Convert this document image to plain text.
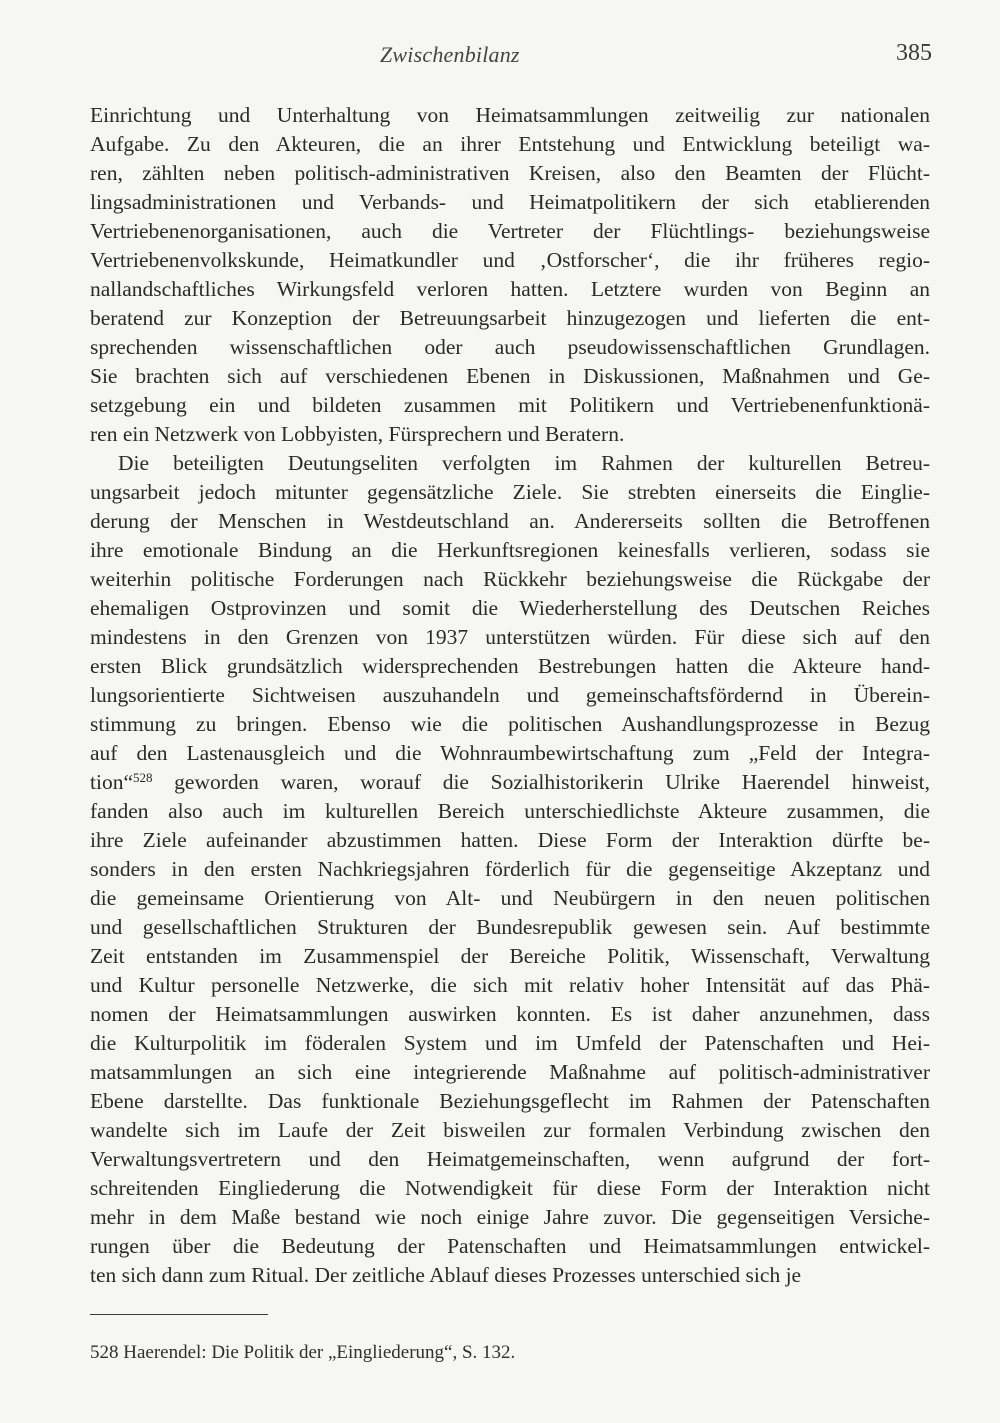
Zwischenbilanz	385
Einrichtung und Unterhaltung von Heimatsammlungen zeitweilig zur nationalen
Aufgabe. Zu den Akteuren, die an ihrer Entstehung und Entwicklung beteiligt wa-
ren, zählten neben politisch-administrativen Kreisen, also den Beamten der Flücht-
lingsadministrationen und Verbands- und Heimatpolitikern der sich etablierenden
Vertriebenenorganisationen, auch die Vertreter der Flüchtlings- beziehungsweise
Vertriebenenvolkskunde, Heimatkundler und ‚Ostforscher‘, die ihr früheres regio-
nallandschaftliches Wirkungsfeld verloren hatten. Letztere wurden von Beginn an
beratend zur Konzeption der Betreuungsarbeit hinzugezogen und lieferten die ent-
sprechenden wissenschaftlichen oder auch pseudowissenschaftlichen Grundlagen.
Sie brachten sich auf verschiedenen Ebenen in Diskussionen, Maßnahmen und Ge-
setzgebung ein und bildeten zusammen mit Politikern und Vertriebenenfunktionä-
ren ein Netzwerk von Lobbyisten, Fürsprechern und Beratern.
Die beteiligten Deutungseliten verfolgten im Rahmen der kulturellen Betreu-
ungsarbeit jedoch mitunter gegensätzliche Ziele. Sie strebten einerseits die Einglie-
derung der Menschen in Westdeutschland an. Andererseits sollten die Betroffenen
ihre emotionale Bindung an die Herkunftsregionen keinesfalls verlieren, sodass sie
weiterhin politische Forderungen nach Rückkehr beziehungsweise die Rückgabe der
ehemaligen Ostprovinzen und somit die Wiederherstellung des Deutschen Reiches
mindestens in den Grenzen von 1937 unterstützen würden. Für diese sich auf den
ersten Blick grundsätzlich widersprechenden Bestrebungen hatten die Akteure hand-
lungsorientierte Sichtweisen auszuhandeln und gemeinschaftsfördernd in Überein-
stimmung zu bringen. Ebenso wie die politischen Aushandlungsprozesse in Bezug
auf den Lastenausgleich und die Wohnraumbewirtschaftung zum „Feld der Integra-
tion“$^{528}$ geworden waren, worauf die Sozialhistorikerin Ulrike Haerendel hinweist,
fanden also auch im kulturellen Bereich unterschiedlichste Akteure zusammen, die
ihre Ziele aufeinander abzustimmen hatten. Diese Form der Interaktion dürfte be-
sonders in den ersten Nachkriegsjahren förderlich für die gegenseitige Akzeptanz und
die gemeinsame Orientierung von Alt- und Neubürgern in den neuen politischen
und gesellschaftlichen Strukturen der Bundesrepublik gewesen sein. Auf bestimmte
Zeit entstanden im Zusammenspiel der Bereiche Politik, Wissenschaft, Verwaltung
und Kultur personelle Netzwerke, die sich mit relativ hoher Intensität auf das Phä-
nomen der Heimatsammlungen auswirken konnten. Es ist daher anzunehmen, dass
die Kulturpolitik im föderalen System und im Umfeld der Patenschaften und Hei-
matsammlungen an sich eine integrierende Maßnahme auf politisch-administrativer
Ebene darstellte. Das funktionale Beziehungsgeflecht im Rahmen der Patenschaften
wandelte sich im Laufe der Zeit bisweilen zur formalen Verbindung zwischen den
Verwaltungsvertretern und den Heimatgemeinschaften, wenn aufgrund der fort-
schreitenden Eingliederung die Notwendigkeit für diese Form der Interaktion nicht
mehr in dem Maße bestand wie noch einige Jahre zuvor. Die gegenseitigen Versiche-
rungen über die Bedeutung der Patenschaften und Heimatsammlungen entwickel-
ten sich dann zum Ritual. Der zeitliche Ablauf dieses Prozesses unterschied sich je
528 Haerendel: Die Politik der „Eingliederung“, S. 132.
